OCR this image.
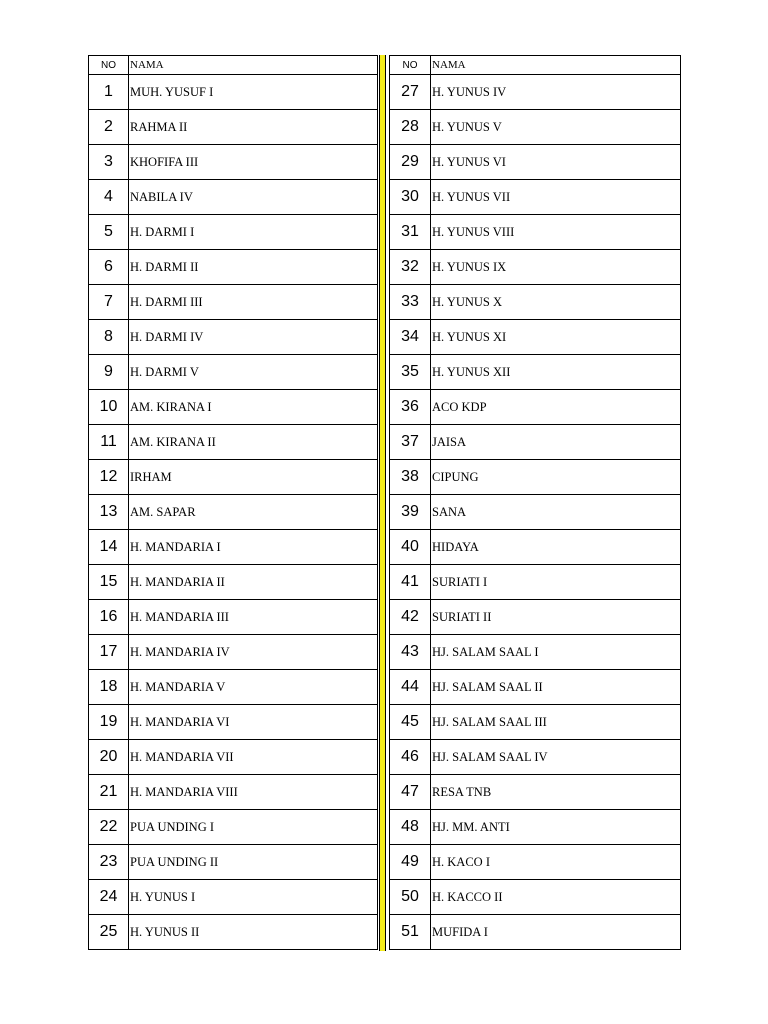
NO	NAMA
1	MUH. YUSUF I
2	RAHMA II
3	KHOFIFA III
4	NABILA IV
5	H. DARMI I
6	H. DARMI II
7	H. DARMI III
8	H. DARMI IV
9	H. DARMI V
10	AM. KIRANA I
11	AM. KIRANA II
12	IRHAM
13	AM. SAPAR
14	H. MANDARIA I
15	H. MANDARIA II
16	H. MANDARIA III
17	H. MANDARIA IV
18	H. MANDARIA V
19	H. MANDARIA VI
20	H. MANDARIA VII
21	H. MANDARIA VIII
22	PUA UNDING I
23	PUA UNDING II
24	H. YUNUS I
25	H. YUNUS II
NO	NAMA
27	H. YUNUS IV
28	H. YUNUS V
29	H. YUNUS VI
30	H. YUNUS VII
31	H. YUNUS VIII
32	H. YUNUS IX
33	H. YUNUS X
34	H. YUNUS XI
35	H. YUNUS XII
36	ACO KDP
37	JAISA
38	CIPUNG
39	SANA
40	HIDAYA
41	SURIATI I
42	SURIATI II
43	HJ. SALAM SAAL I
44	HJ. SALAM SAAL II
45	HJ. SALAM SAAL III
46	HJ. SALAM SAAL IV
47	RESA TNB
48	HJ. MM. ANTI
49	H. KACO I
50	H. KACCO II
51	MUFIDA I
